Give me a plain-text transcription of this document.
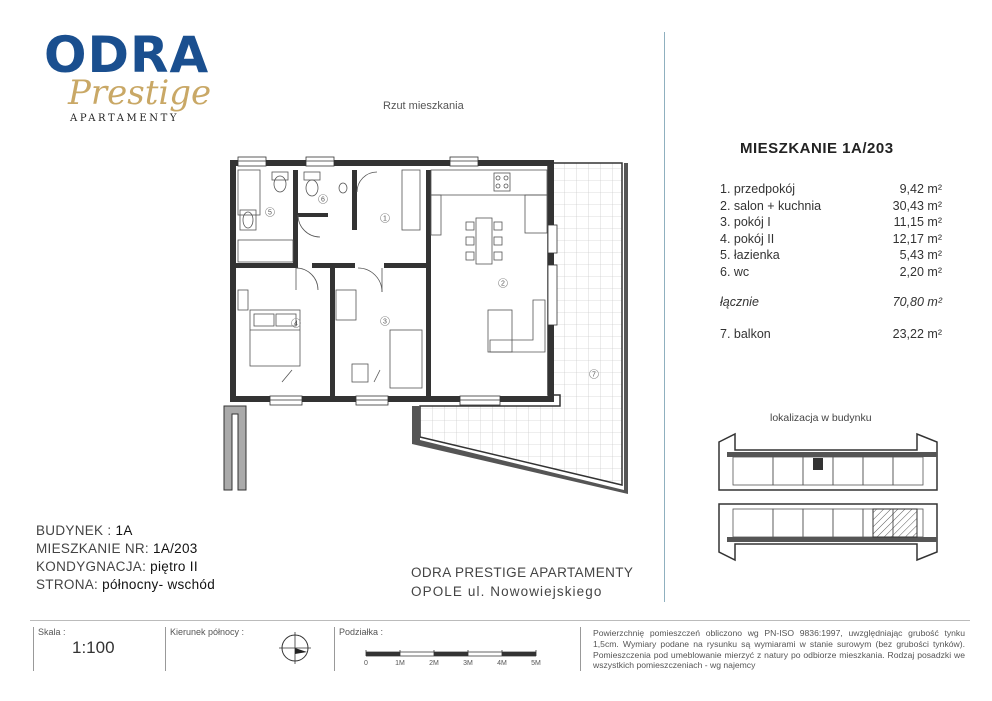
ODRA
Prestige
APARTAMENTY
Rzut mieszkania
1
2
3
4
5
6
7
MIESZKANIE 1A/203
1. przedpokój	9,42 m²
2. salon + kuchnia	30,43 m²
3. pokój I	11,15 m²
4. pokój II	12,17 m²
5. łazienka	5,43 m²
6. wc	2,20 m²
łącznie	70,80 m²
7. balkon	23,22 m²
lokalizacja w budynku
BUDYNEK : 1A
MIESZKANIE NR: 1A/203
KONDYGNACJA: piętro II
STRONA: północny- wschód
ODRA PRESTIGE APARTAMENTY
OPOLE ul. Nowowiejskiego
Skala :
1:100
Kierunek północy :	Podziałka :
0	1M	2M	3M	4M	5M
Powierzchnię pomieszczeń obliczono wg PN-ISO 9836:1997, uwzględniając grubość tynku 1,5cm. Wymiary podane na rysunku są wymiarami w stanie surowym (bez grubości tynków). Pomieszczenia pod umeblowanie mierzyć z natury po odbiorze mieszkania. Rodzaj posadzki we wszystkich pomieszczeniach - wg najemcy
